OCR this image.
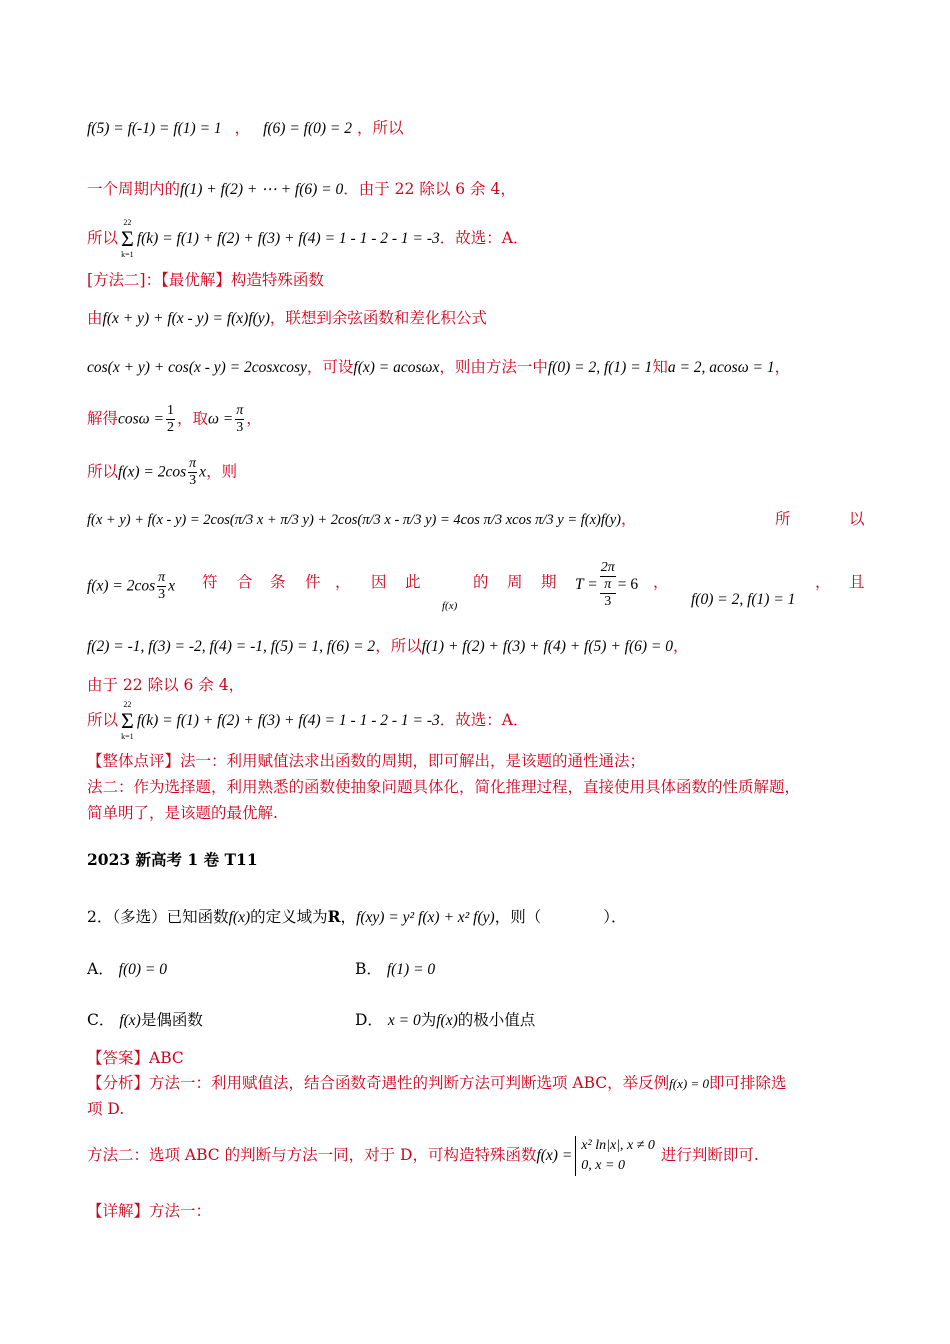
f(5) = f(-1) = f(1) = 1 ， f(6) = f(0) = 2 ，所以
一个周期内的f(1) + f(2) + ⋯ + f(6) = 0．由于 22 除以 6 余 4，
所以
22
Σ
k=1
f(k) = f(1) + f(2) + f(3) + f(4) = 1 - 1 - 2 - 1 = -3．故选：A．
[方法二]：【最优解】构造特殊函数
由f(x + y) + f(x - y) = f(x)f(y)，联想到余弦函数和差化积公式
cos(x + y) + cos(x - y) = 2cosxcosy，可设f(x) = acosωx，则由方法一中f(0) = 2, f(1) = 1知a = 2, acosω = 1，
解得$\cos\omega = \frac{1}{2}$ ，取$\omega = \frac{\pi}{3}$ ，
所以$f(x) = 2\cos \frac{\pi}{3}$ x，则
f(x + y) + f(x - y) = 2cos(π/3 x + π/3 y) + 2cos(π/3 x - π/3 y) = 4cos π/3 xcos π/3 y = f(x)f(y)，	所	以
$f(x) = 2\cos \frac{\pi}{3}$ x 符 合 条 件 ， 因 此
f(x)
的 周 期 T = 2π
π
3 = 6 ，
f(0) = 2, f(1) = 1
， 且
f(2) = -1, f(3) = -2, f(4) = -1, f(5) = 1, f(6) = 2，所以f(1) + f(2) + f(3) + f(4) + f(5) + f(6) = 0，
由于 22 除以 6 余 4，
所以
22
Σ
k=1
f(k) = f(1) + f(2) + f(3) + f(4) = 1 - 1 - 2 - 1 = -3．故选：A．
【整体点评】法一：利用赋值法求出函数的周期，即可解出，是该题的通性通法；
法二：作为选择题，利用熟悉的函数使抽象问题具体化，简化推理过程，直接使用具体函数的性质解题，
简单明了，是该题的最优解.
2023 新高考 1 卷 T11
2．（多选）已知函数f(x)的定义域为R，f(xy) = y² f(x) + x² f(y)，则（　　　　）．
A． f(0) = 0	B． f(1) = 0
C． f(x)是偶函数	D． x = 0为f(x)的极小值点
【答案】ABC
【分析】方法一：利用赋值法，结合函数奇遇性的判断方法可判断选项 ABC，举反例f(x) = 0即可排除选
项 D.
方法二：选项 ABC 的判断与方法一同，对于 D，可构造特殊函数f(x) =
x² ln|x|, x ≠ 0
0, x = 0
进行判断即可.
【详解】方法一：
